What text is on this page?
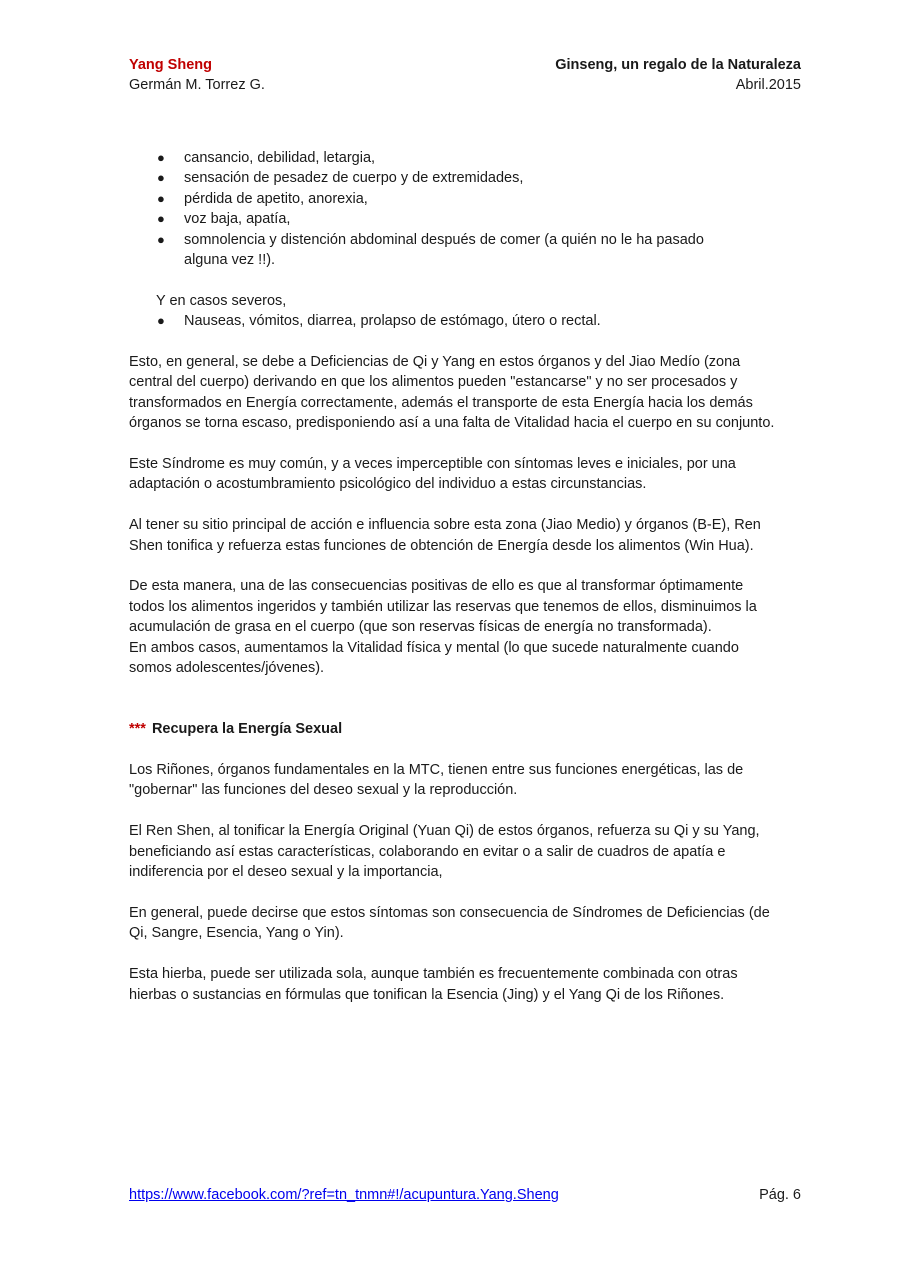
Yang Sheng
Germán M. Torrez G.
Ginseng, un regalo de la Naturaleza
Abril.2015
● cansancio, debilidad, letargia,
● sensación de pesadez de cuerpo y de extremidades,
● pérdida de apetito, anorexia,
● voz baja, apatía,
● somnolencia y distención abdominal después de comer (a quién no le ha pasado alguna vez !!).

Y en casos severos,

● Nauseas, vómitos, diarrea, prolapso de estómago, útero o rectal.

Esto, en general, se debe a Deficiencias de Qi y Yang en estos órganos y del Jiao Medío (zona central del cuerpo) derivando en que los alimentos pueden "estancarse" y no ser procesados y transformados en Energía correctamente, además el transporte de esta Energía hacia los demás órganos se torna escaso, predisponiendo así a una falta de Vitalidad hacia el cuerpo en su conjunto.

Este Síndrome es muy común, y a veces imperceptible con síntomas leves e iniciales, por una adaptación o acostumbramiento psicológico del individuo a estas circunstancias.

Al tener su sitio principal de acción e influencia sobre esta zona (Jiao Medio) y órganos (B-E), Ren Shen tonifica y refuerza estas funciones de obtención de Energía desde los alimentos (Win Hua).

De esta manera, una de las consecuencias positivas de ello es que al transformar óptimamente todos los alimentos ingeridos y también utilizar las reservas que tenemos de ellos, disminuimos la acumulación de grasa en el cuerpo (que son reservas físicas de energía no transformada).

En ambos casos, aumentamos la Vitalidad física y mental (lo que sucede naturalmente cuando somos adolescentes/jóvenes).

*** Recupera la Energía Sexual

Los Riñones, órganos fundamentales en la MTC, tienen entre sus funciones energéticas, las de "gobernar" las funciones del deseo sexual y la reproducción.

El Ren Shen, al tonificar la Energía Original (Yuan Qi) de estos órganos, refuerza su Qi y su Yang, beneficiando así estas características, colaborando en evitar o a salir de cuadros de apatía e indiferencia por el deseo sexual y la importancia,

En general, puede decirse que estos síntomas son consecuencia de Síndromes de Deficiencias (de Qi, Sangre, Esencia, Yang o Yin).

Esta hierba, puede ser utilizada sola, aunque también es frecuentemente combinada con otras hierbas o sustancias en fórmulas que tonifican la Esencia (Jing) y el Yang Qi de los Riñones.

https://www.facebook.com/?ref=tn_tnmn#!/acupuntura.Yang.Sheng	Pág. 6
